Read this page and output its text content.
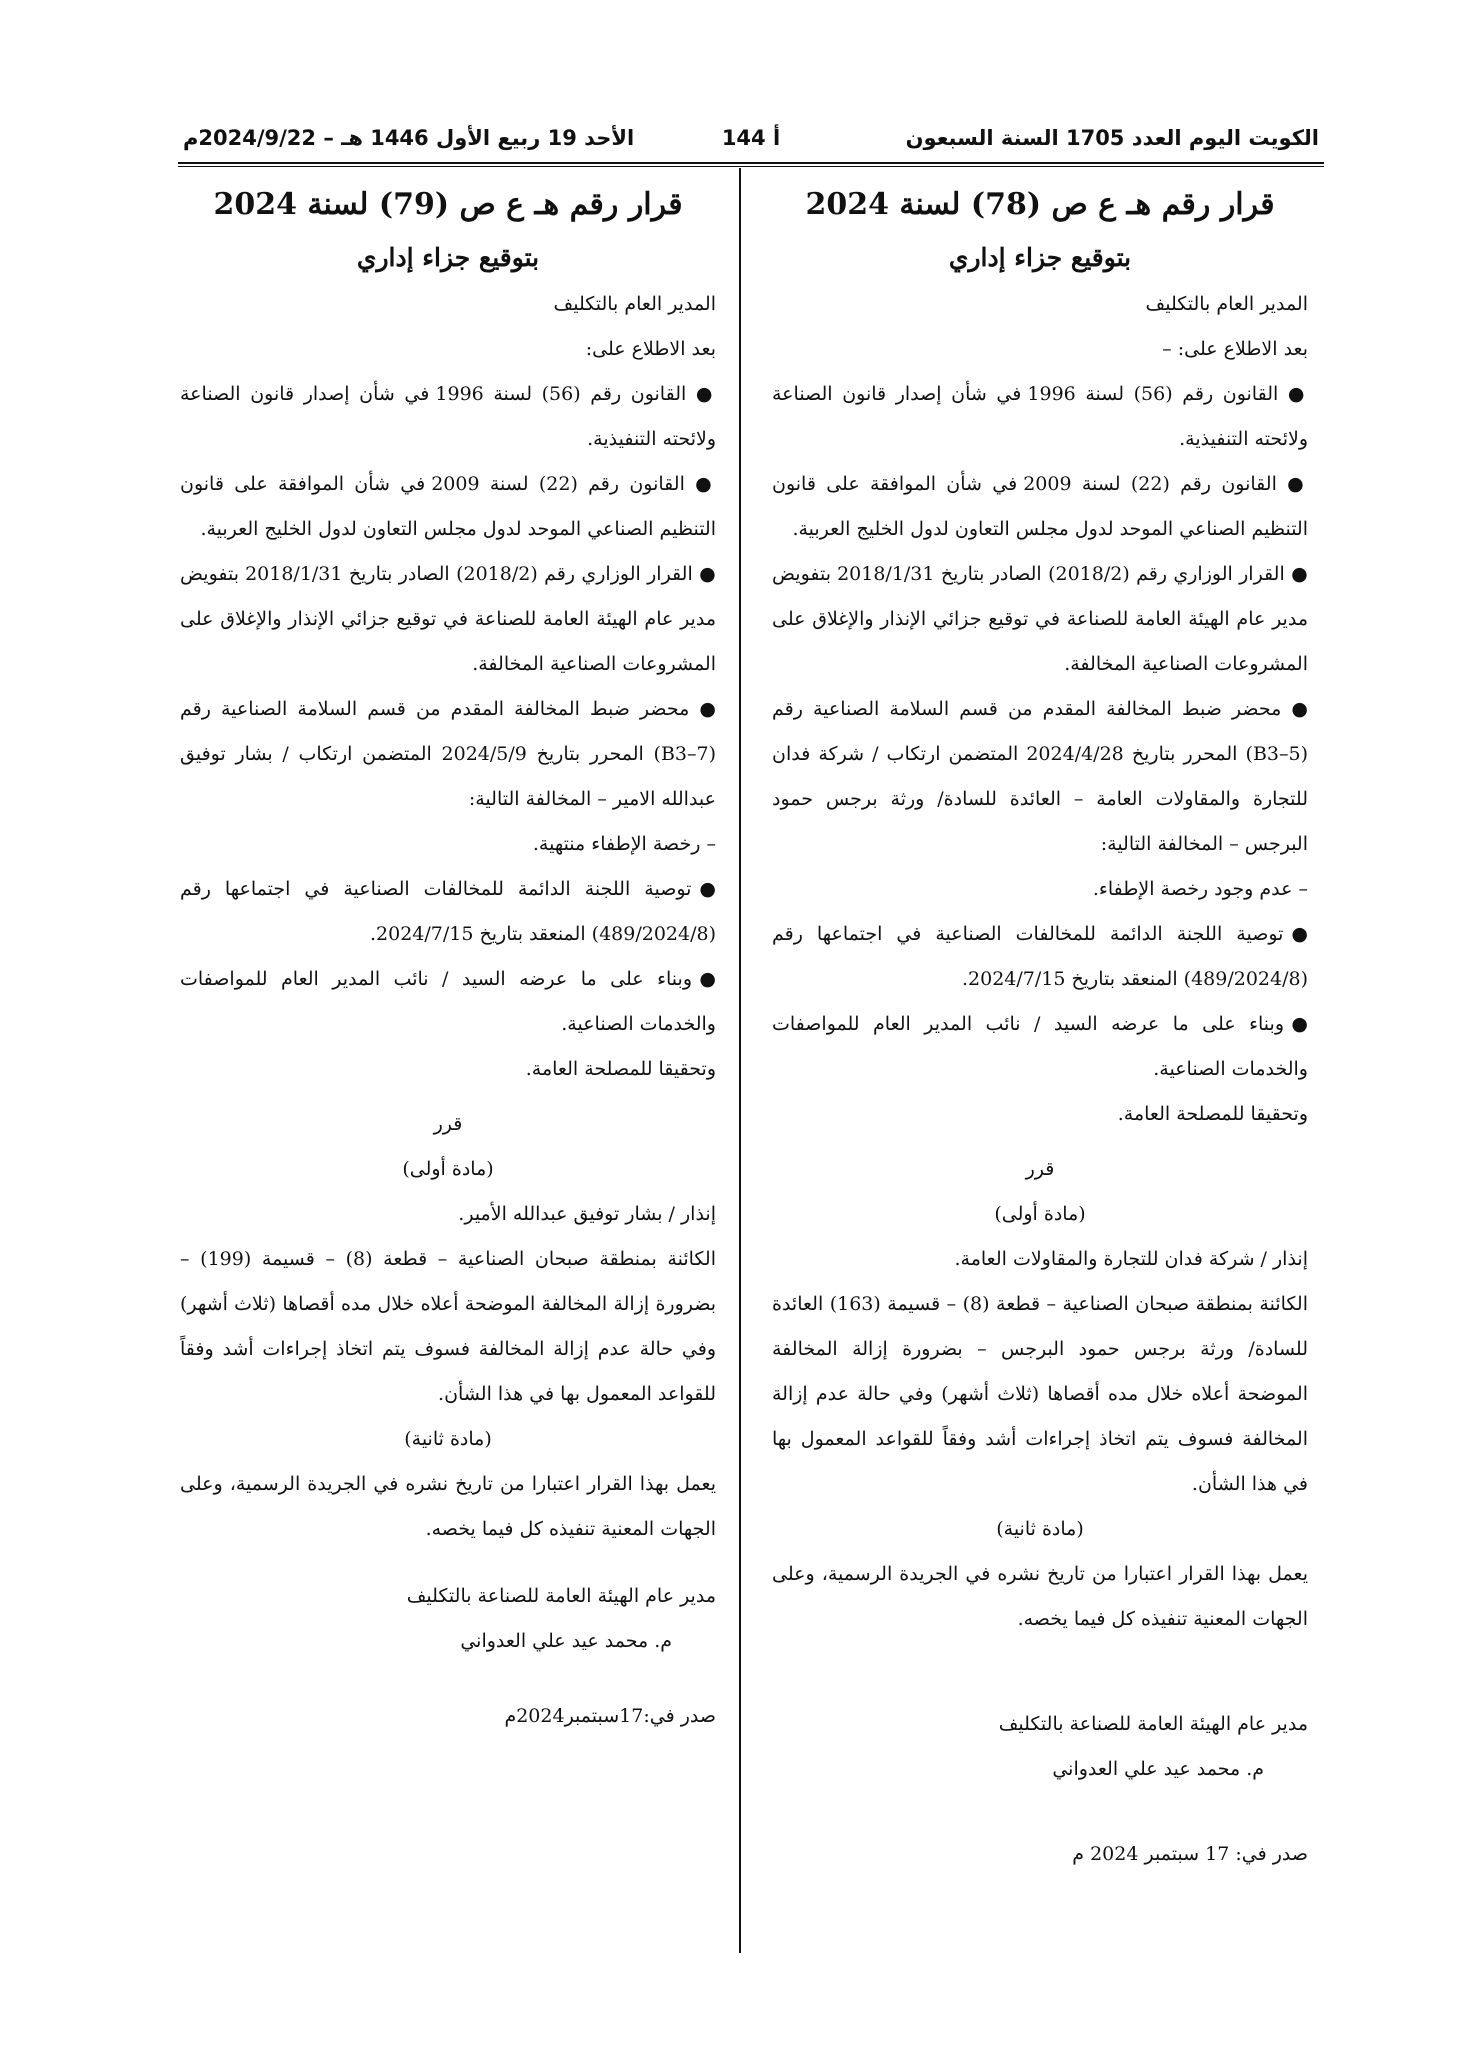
الكويت اليوم العدد 1705 السنة السبعون
أ 144
الأحد 19 ربيع الأول 1446 هـ – 2024/9/22م
قرار رقم هـ ع ص (78) لسنة 2024
بتوقيع جزاء إداري

المدير العام بالتكليف

بعد الاطلاع على: –

● القانون رقم (56) لسنة 1996 في شأن إصدار قانون الصناعة ولائحته التنفيذية.

● القانون رقم (22) لسنة 2009 في شأن الموافقة على قانون التنظيم الصناعي الموحد لدول مجلس التعاون لدول الخليج العربية.

● القرار الوزاري رقم (2018/2) الصادر بتاريخ 2018/1/31 بتفويض مدير عام الهيئة العامة للصناعة في توقيع جزائي الإنذار والإغلاق على المشروعات الصناعية المخالفة.

● محضر ضبط المخالفة المقدم من قسم السلامة الصناعية رقم (B3–5) المحرر بتاريخ 2024/4/28 المتضمن ارتكاب / شركة فدان للتجارة والمقاولات العامة – العائدة للسادة/ ورثة برجس حمود البرجس – المخالفة التالية:

– عدم وجود رخصة الإطفاء.

●توصية اللجنة الدائمة للمخالفات الصناعية في اجتماعها رقم (489/2024/8) المنعقد بتاريخ 2024/7/15.

●وبناء على ما عرضه السيد / نائب المدير العام للمواصفات والخدمات الصناعية.

وتحقيقا للمصلحة العامة.

قرر

(مادة أولى)

إنذار / شركة فدان للتجارة والمقاولات العامة.

الكائنة بمنطقة صبحان الصناعية – قطعة (8) – قسيمة (163) العائدة للسادة/ ورثة برجس حمود البرجس – بضرورة إزالة المخالفة الموضحة أعلاه خلال مده أقصاها (ثلاث أشهر) وفي حالة عدم إزالة المخالفة فسوف يتم اتخاذ إجراءات أشد وفقاً للقواعد المعمول بها في هذا الشأن.

(مادة ثانية)

يعمل بهذا القرار اعتبارا من تاريخ نشره في الجريدة الرسمية، وعلى الجهات المعنية تنفيذه كل فيما يخصه.

مدير عام الهيئة العامة للصناعة بالتكليف

م. محمد عيد علي العدواني

صدر في: 17 سبتمبر 2024 م

قرار رقم هـ ع ص (79) لسنة 2024
بتوقيع جزاء إداري

المدير العام بالتكليف

بعد الاطلاع على:

● القانون رقم (56) لسنة 1996 في شأن إصدار قانون الصناعة ولائحته التنفيذية.

● القانون رقم (22) لسنة 2009 في شأن الموافقة على قانون التنظيم الصناعي الموحد لدول مجلس التعاون لدول الخليج العربية.

● القرار الوزاري رقم (2018/2) الصادر بتاريخ 2018/1/31 بتفويض مدير عام الهيئة العامة للصناعة في توقيع جزائي الإنذار والإغلاق على المشروعات الصناعية المخالفة.

● محضر ضبط المخالفة المقدم من قسم السلامة الصناعية رقم (B3–7) المحرر بتاريخ 2024/5/9 المتضمن ارتكاب / بشار توفيق عبدالله الامير – المخالفة التالية:

– رخصة الإطفاء منتهية.

●توصية اللجنة الدائمة للمخالفات الصناعية في اجتماعها رقم (489/2024/8) المنعقد بتاريخ 2024/7/15.

●وبناء على ما عرضه السيد / نائب المدير العام للمواصفات والخدمات الصناعية.

وتحقيقا للمصلحة العامة.

قرر

(مادة أولى)

إنذار / بشار توفيق عبدالله الأمير.

الكائنة بمنطقة صبحان الصناعية – قطعة (8) – قسيمة (199) – بضرورة إزالة المخالفة الموضحة أعلاه خلال مده أقصاها (ثلاث أشهر) وفي حالة عدم إزالة المخالفة فسوف يتم اتخاذ إجراءات أشد وفقاً للقواعد المعمول بها في هذا الشأن.

(مادة ثانية)

يعمل بهذا القرار اعتبارا من تاريخ نشره في الجريدة الرسمية، وعلى الجهات المعنية تنفيذه كل فيما يخصه.

مدير عام الهيئة العامة للصناعة بالتكليف

م. محمد عيد علي العدواني

صدر في:17سبتمبر2024م
